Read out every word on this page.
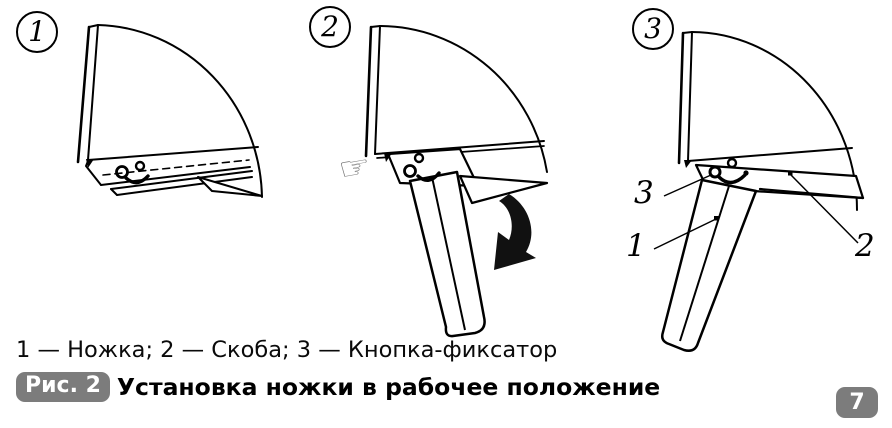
1	2
☞
3
3
1	2
1 — Ножка; 2 — Скоба; 3 — Кнопка-фиксатор
Рис. 2 Установка ножки в рабочее положение
7
